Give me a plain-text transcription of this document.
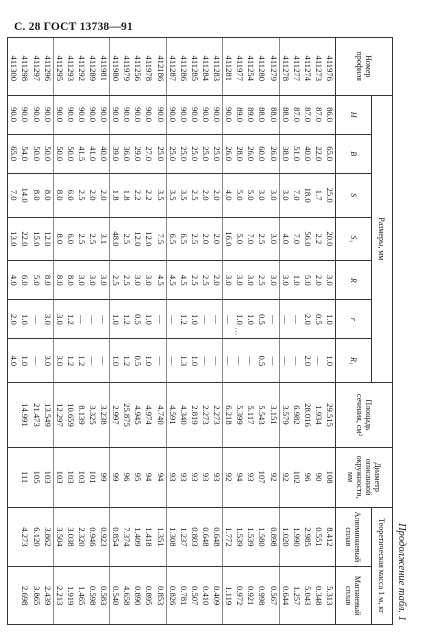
С. 28 ГОСТ 13738—91
⋮
Продолжение табл. 1
Номер профиля	Размеры, мм							Площадь сечения, см²	Диаметр описанной окружности, мм	Теоретическая масса 1 м, кг	
	H	B	S	S₁	R	r	R₁			Алюминиевый сплав	Магниевый сплав
411976	86.0	65.0	25.0	20.0	3.0	1.0	1.0	29.515	108	8.412	5.313
411273	87.0	22.0	1.7	2.2	2.0	0.5	—	1.934	90	0.551	0.348
411274	87.0	40.0	18.0	56.0	5.0	2.0	2.0	28.016	96	2.985	5.043
411277	87.0	51.0	7.0	7.0	1.0	—	—	6.982	102	1.990	1.257
411278	88.0	38.0	3.0	4.0	3.0	—	—	3.579	92	1.020	0.644
411279	88.0	26.0	3.0	3.0	3.0	—	—	3.151	92	0.898	0.567
411280	88.0	60.0	3.0	2.5	2.5	0.5	0.5	5.543	107	1.580	0.998
411254	89.0	26.0	5.0	7.0	3.0	1.0	—	5.117	93	1.539	0.921
411977	89.0	28.0	5.0	5.0	3.0	1.0	—	5.399	94	1.539	0.972
411281	90.0	26.0	4.0	16.0	3.0	—	—	6.218	92	1.772	1.119
411283	90.0	25.0	2.0	2.0	2.0	—	—	2.273	93	0.648	0.409
411284	90.0	25.0	2.0	2.0	2.5	—	—	2.273	93	0.648	0.410
411285	90.0	25.0	2.5	2.5	2.5	1.0	1.0	2.819	93	0.803	0.507
411286	90.0	25.0	3.5	6.5	4.5	1.2	1.3	4.340	93	1.237	0.781
411287	90.0	25.0	3.5	6.5	4.5	—	—	4.591	93	1.308	0.826
412186	90.0	25.0	3.5	7.5	4.5	—	—	4.740	94	1.351	0.853
411978	90.0	27.0	2.2	12.0	3.0	1.0	1.0	4.974	94	1.418	0.895
411256	90.0	29.0	2.2	12.0	3.0	0.5	0.5	4.945	95	1.409	0.890
411979	90.0	36.0	1.8	2.5	2.5	1.2	1.2	25.875	96	7.374	4.658
411980	90.0	39.0	1.8	48.0	2.5	1.0	1.0	2.997	99	0.854	0.540
411981	90.0	40.0	2.0	3.1	3.0	—	—	3.238	99	0.923	0.583
411289	90.0	41.0	2.0	2.5	3.0	—	—	3.325	101	0.946	0.598
411292	90.0	41.5	2.5	2.5	3.0	—	1.2	8.139	103	2.320	1.465
411293	90.0	50.0	6.0	6.0	8.0	1.2	1.2	10.659	103	3.038	1.919
411295	90.0	50.0	8.0	8.0	8.0	3.0	3.0	12.297	103	3.504	2.213
411296	90.0	50.0	8.0	12.0	8.0	3.0	3.0	13.549	103	3.862	2.439
411297	90.0	50.0	8.0	15.0	5.0	—	—	21.473	105	6.120	3.865
411298	90.0	54.0	14.0	22.0	6.0	1.0	1.0	14.991	111	4.273	2.698
411300	90.0	65.0	7.0	13.0	4.0	2.0	4.0				
